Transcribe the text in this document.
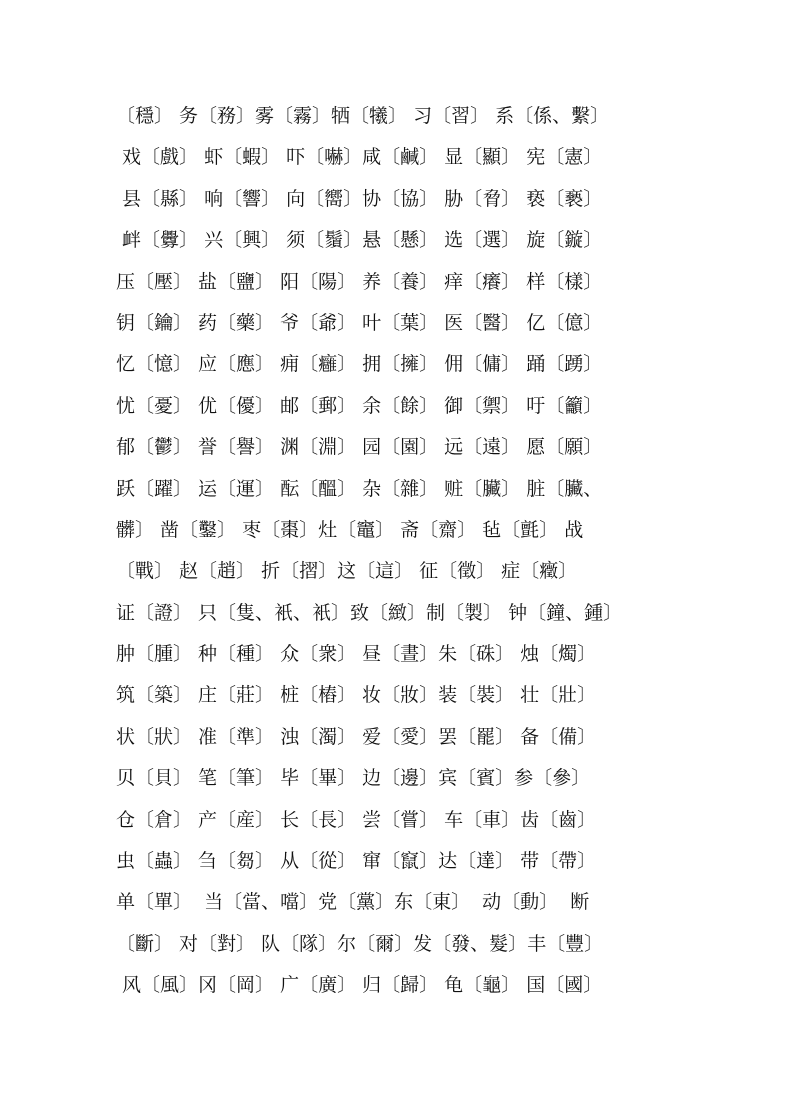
〔穩〕 务〔務〕雾〔霧〕牺〔犧〕 习〔習〕 系〔係、繫〕
戏〔戲〕 虾〔蝦〕 吓〔嚇〕咸〔鹹〕 显〔顯〕 宪〔憲〕
县〔縣〕 响〔響〕 向〔嚮〕协〔協〕 胁〔脅〕 亵〔褻〕
衅〔釁〕 兴〔興〕 须〔鬚〕悬〔懸〕 选〔選〕 旋〔鏇〕
压〔壓〕 盐〔鹽〕 阳〔陽〕 养〔養〕 痒〔癢〕 样〔樣〕
钥〔鑰〕 药〔藥〕 爷〔爺〕 叶〔葉〕 医〔醫〕 亿〔億〕
忆〔憶〕 应〔應〕 痈〔癰〕 拥〔擁〕 佣〔傭〕 踊〔踴〕
忧〔憂〕 优〔優〕 邮〔郵〕 余〔餘〕 御〔禦〕 吁〔籲〕
郁〔鬱〕 誉〔譽〕 渊〔淵〕 园〔園〕 远〔遠〕 愿〔願〕
跃〔躍〕 运〔運〕 酝〔醞〕 杂〔雜〕 赃〔臟〕 脏〔臟、
髒〕 凿〔鑿〕 枣〔棗〕灶〔竈〕 斋〔齋〕 毡〔氈〕 战
〔戰〕 赵〔趙〕 折〔摺〕这〔這〕 征〔徵〕 症〔癥〕
证〔證〕 只〔隻、衹、衹〕致〔緻〕制〔製〕 钟〔鐘、鍾〕
肿〔腫〕 种〔種〕 众〔衆〕 昼〔晝〕朱〔硃〕 烛〔燭〕
筑〔築〕 庄〔莊〕 桩〔樁〕 妆〔妝〕装〔裝〕 壮〔壯〕
状〔狀〕 准〔準〕 浊〔濁〕 爱〔愛〕罢〔罷〕 备〔備〕
贝〔貝〕 笔〔筆〕 毕〔畢〕 边〔邊〕宾〔賓〕参〔參〕
仓〔倉〕 产〔産〕 长〔長〕 尝〔嘗〕 车〔車〕齿〔齒〕
虫〔蟲〕 刍〔芻〕 从〔從〕 窜〔竄〕达〔達〕 带〔帶〕
单〔單〕  当〔當、噹〕党〔黨〕东〔東〕  动〔動〕  断
〔斷〕 对〔對〕 队〔隊〕尔〔爾〕发〔發、髮〕丰〔豐〕
风〔風〕冈〔岡〕 广〔廣〕 归〔歸〕 龟〔龜〕 国〔國〕
